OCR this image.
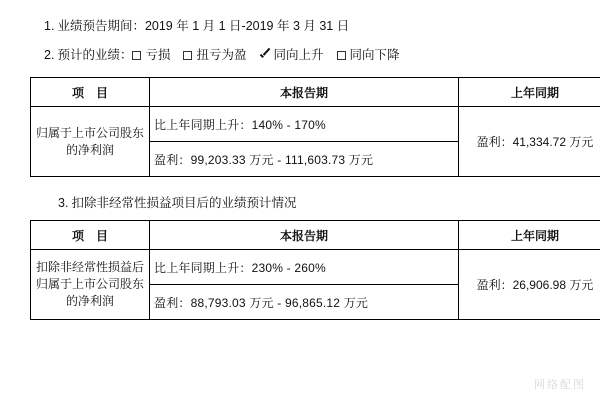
1. 业绩预告期间： 2019 年 1 月 1 日-2019 年 3 月 31 日
2. 预计的业绩： 亏损 扭亏为盈 同向上升 同向下降
项　目	本报告期	上年同期
归属于上市公司股东的净利润	比上年同期上升：140% - 170%	盈利：41,334.72 万元
	盈利：99,203.33 万元 - 111,603.73 万元	
3. 扣除非经常性损益项目后的业绩预计情况
项　目	本报告期	上年同期
扣除非经常性损益后归属于上市公司股东的净利润	比上年同期上升：230% - 260%	盈利：26,906.98 万元
	盈利：88,793.03 万元 - 96,865.12 万元	
网络配图
